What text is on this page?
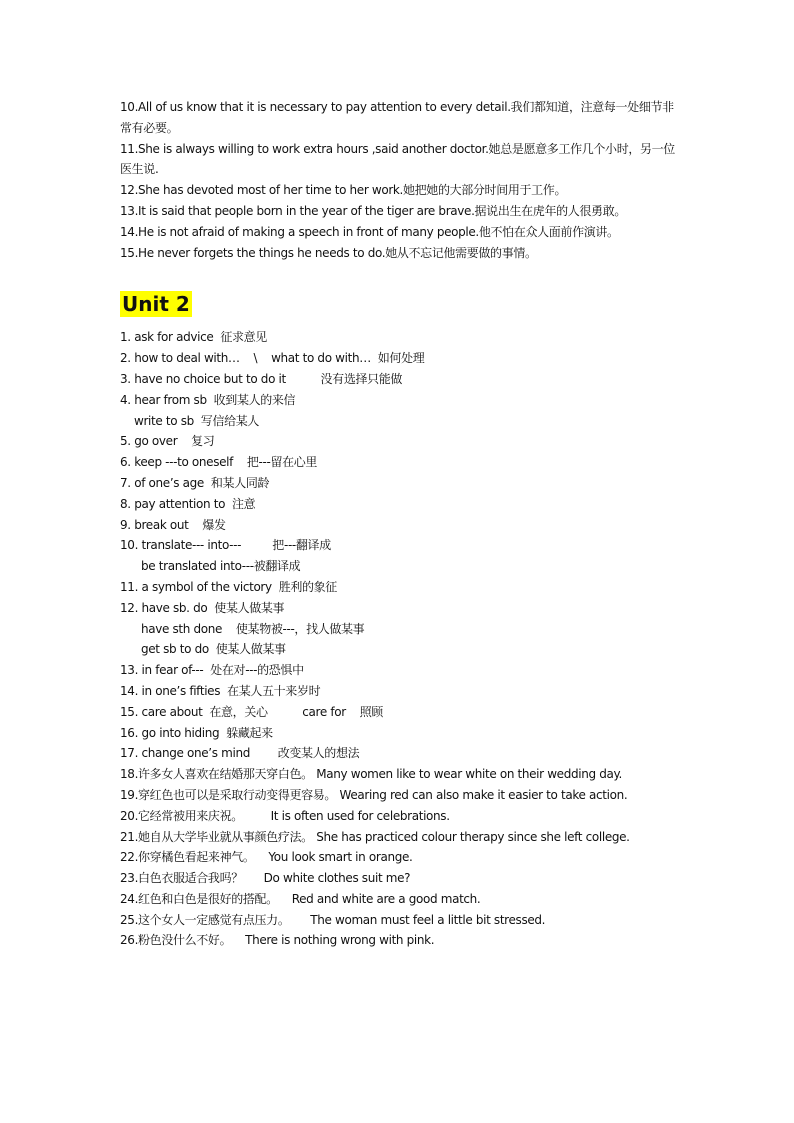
10.All of us know that it is necessary to pay attention to every detail.我们都知道，注意每一处细节非常有必要。
11.She is always willing to work extra hours ,said another doctor.她总是愿意多工作几个小时，另一位医生说.
12.She has devoted most of her time to her work.她把她的大部分时间用于工作。
13.It is said that people born in the year of the tiger are brave.据说出生在虎年的人很勇敢。
14.He is not afraid of making a speech in front of many people.他不怕在众人面前作演讲。
15.He never forgets the things he needs to do.她从不忘记他需要做的事情。
Unit 2
1. ask for advice  征求意见
2. how to deal with…    \    what to do with…  如何处理
3. have no choice but to do it          没有选择只能做
4. hear from sb  收到某人的来信
write to sb  写信给某人
5. go over    复习
6. keep ---to oneself    把---留在心里
7. of one’s age  和某人同龄
8. pay attention to  注意
9. break out    爆发
10. translate--- into---         把---翻译成
be translated into---被翻译成
11. a symbol of the victory  胜利的象征
12. have sb. do  使某人做某事
have sth done    使某物被---，找人做某事
get sb to do  使某人做某事
13. in fear of---  处在对---的恐惧中
14. in one’s fifties  在某人五十来岁时
15. care about  在意，关心          care for    照顾
16. go into hiding  躲藏起来
17. change one’s mind        改变某人的想法
18.许多女人喜欢在结婚那天穿白色。 Many women like to wear white on their wedding day.
19.穿红色也可以是采取行动变得更容易。 Wearing red can also make it easier to take action.
20.它经常被用来庆祝。        It is often used for celebrations.
21.她自从大学毕业就从事颜色疗法。 She has practiced colour therapy since she left college.
22.你穿橘色看起来神气。    You look smart in orange.
23.白色衣服适合我吗？      Do white clothes suit me?
24.红色和白色是很好的搭配。    Red and white are a good match.
25.这个女人一定感觉有点压力。      The woman must feel a little bit stressed.
26.粉色没什么不好。    There is nothing wrong with pink.
